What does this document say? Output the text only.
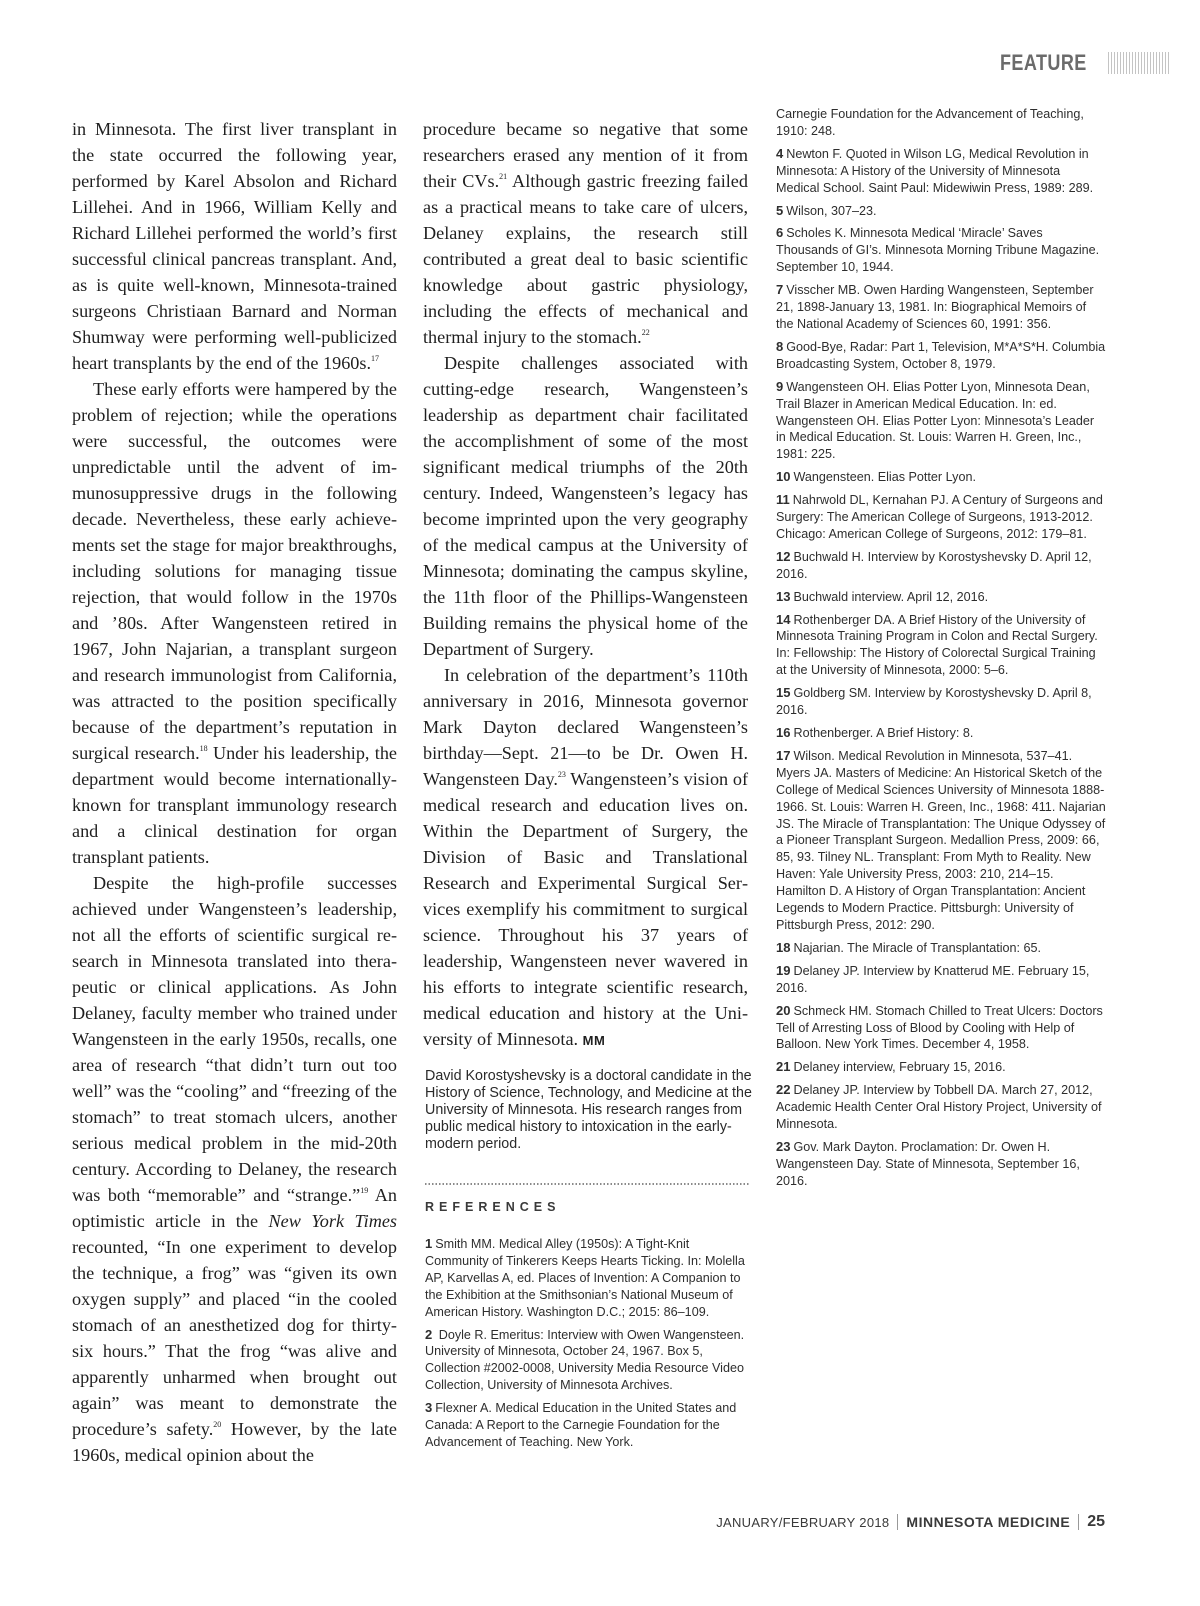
FEATURE

in Minnesota. The first liver transplant in the state occurred the following year, performed by Karel Absolon and Richard Lillehei. And in 1966, William Kelly and Richard Lillehei performed the world’s first successful clinical pancreas transplant. And, as is quite well-known, Minnesota-trained surgeons Christiaan Barnard and Norman Shumway were performing well-publicized heart transplants by the end of the 1960s.$^{17}$

These early efforts were hampered by the problem of rejection; while the operations were successful, the outcomes were unpredictable until the advent of immunosuppressive drugs in the following decade. Nevertheless, these early achievements set the stage for major breakthroughs, including solutions for managing tissue rejection, that would follow in the 1970s and ’80s. After Wangensteen retired in 1967, John Najarian, a transplant surgeon and research immunologist from California, was attracted to the position specifically because of the department’s reputation in surgical research.$^{18}$ Under his leadership, the department would become internationally-known for transplant immunology research and a clinical destination for organ transplant patients.

Despite the high-profile successes achieved under Wangensteen’s leadership, not all the efforts of scientific surgical research in Minnesota translated into therapeutic or clinical applications. As John Delaney, faculty member who trained under Wangensteen in the early 1950s, recalls, one area of research “that didn’t turn out too well” was the “cooling” and “freezing of the stomach” to treat stomach ulcers, another serious medical problem in the mid-20th century. According to Delaney, the research was both “memorable” and “strange.”$^{19}$ An optimistic article in the New York Times recounted, “In one experiment to develop the technique, a frog” was “given its own oxygen supply” and placed “in the cooled stomach of an anesthetized dog for thirty-six hours.” That the frog “was alive and apparently unharmed when brought out again” was meant to demonstrate the procedure’s safety.$^{20}$ However, by the late 1960s, medical opinion about the

procedure became so negative that some researchers erased any mention of it from their CVs.$^{21}$ Although gastric freezing failed as a practical means to take care of ulcers, Delaney explains, the research still contributed a great deal to basic scientific knowledge about gastric physiology, including the effects of mechanical and thermal injury to the stomach.$^{22}$

Despite challenges associated with cutting-edge research, Wangensteen’s leadership as department chair facilitated the accomplishment of some of the most significant medical triumphs of the 20th century. Indeed, Wangensteen’s legacy has become imprinted upon the very geography of the medical campus at the University of Minnesota; dominating the campus skyline, the 11th floor of the Phillips-Wangensteen Building remains the physical home of the Department of Surgery.

In celebration of the department’s 110th anniversary in 2016, Minnesota governor Mark Dayton declared Wangensteen’s birthday—Sept. 21—to be Dr. Owen H. Wangensteen Day.$^{23}$ Wangensteen’s vision of medical research and education lives on. Within the Department of Surgery, the Division of Basic and Translational Research and Experimental Surgical Services exemplify his commitment to surgical science. Throughout his 37 years of leadership, Wangensteen never wavered in his efforts to integrate scientific research, medical education and history at the University of Minnesota. MM

David Korostyshevsky is a doctoral candidate in the History of Science, Technology, and Medicine at the University of Minnesota. His research ranges from public medical history to intoxication in the early-modern period.
REFERENCES

1 Smith MM. Medical Alley (1950s): A Tight-Knit Community of Tinkerers Keeps Hearts Ticking. In: Molella AP, Karvellas A, ed. Places of Invention: A Companion to the Exhibition at the Smithsonian’s National Museum of American History. Washington D.C.; 2015: 86–109.

2 Doyle R. Emeritus: Interview with Owen Wangensteen. University of Minnesota, October 24, 1967. Box 5, Collection #2002-0008, University Media Resource Video Collection, University of Minnesota Archives.

3 Flexner A. Medical Education in the United States and Canada: A Report to the Carnegie Foundation for the Advancement of Teaching. New York.

Carnegie Foundation for the Advancement of Teaching, 1910: 248.

4 Newton F. Quoted in Wilson LG, Medical Revolution in Minnesota: A History of the University of Minnesota Medical School. Saint Paul: Midewiwin Press, 1989: 289.

5 Wilson, 307–23.

6 Scholes K. Minnesota Medical ‘Miracle’ Saves Thousands of GI’s. Minnesota Morning Tribune Magazine. September 10, 1944.

7 Visscher MB. Owen Harding Wangensteen, September 21, 1898-January 13, 1981. In: Biographical Memoirs of the National Academy of Sciences 60, 1991: 356.

8 Good-Bye, Radar: Part 1, Television, M*A*S*H. Columbia Broadcasting System, October 8, 1979.

9 Wangensteen OH. Elias Potter Lyon, Minnesota Dean, Trail Blazer in American Medical Education. In: ed. Wangensteen OH. Elias Potter Lyon: Minnesota’s Leader in Medical Education. St. Louis: Warren H. Green, Inc., 1981: 225.

10 Wangensteen. Elias Potter Lyon.

11 Nahrwold DL, Kernahan PJ. A Century of Surgeons and Surgery: The American College of Surgeons, 1913-2012. Chicago: American College of Surgeons, 2012: 179–81.

12 Buchwald H. Interview by Korostyshevsky D. April 12, 2016.

13 Buchwald interview. April 12, 2016.

14 Rothenberger DA. A Brief History of the University of Minnesota Training Program in Colon and Rectal Surgery. In: Fellowship: The History of Colorectal Surgical Training at the University of Minnesota, 2000: 5–6.

15 Goldberg SM. Interview by Korostyshevsky D. April 8, 2016.

16 Rothenberger. A Brief History: 8.

17 Wilson. Medical Revolution in Minnesota, 537–41. Myers JA. Masters of Medicine: An Historical Sketch of the College of Medical Sciences University of Minnesota 1888-1966. St. Louis: Warren H. Green, Inc., 1968: 411. Najarian JS. The Miracle of Transplantation: The Unique Odyssey of a Pioneer Transplant Surgeon. Medallion Press, 2009: 66, 85, 93. Tilney NL. Transplant: From Myth to Reality. New Haven: Yale University Press, 2003: 210, 214–15. Hamilton D. A History of Organ Transplantation: Ancient Legends to Modern Practice. Pittsburgh: University of Pittsburgh Press, 2012: 290.

18 Najarian. The Miracle of Transplantation: 65.

19 Delaney JP. Interview by Knatterud ME. February 15, 2016.

20 Schmeck HM. Stomach Chilled to Treat Ulcers: Doctors Tell of Arresting Loss of Blood by Cooling with Help of Balloon. New York Times. December 4, 1958.

21 Delaney interview, February 15, 2016.

22 Delaney JP. Interview by Tobbell DA. March 27, 2012, Academic Health Center Oral History Project, University of Minnesota.

23 Gov. Mark Dayton. Proclamation: Dr. Owen H. Wangensteen Day. State of Minnesota, September 16, 2016.

JANUARY/FEBRUARY 2018 MINNESOTA MEDICINE 25
